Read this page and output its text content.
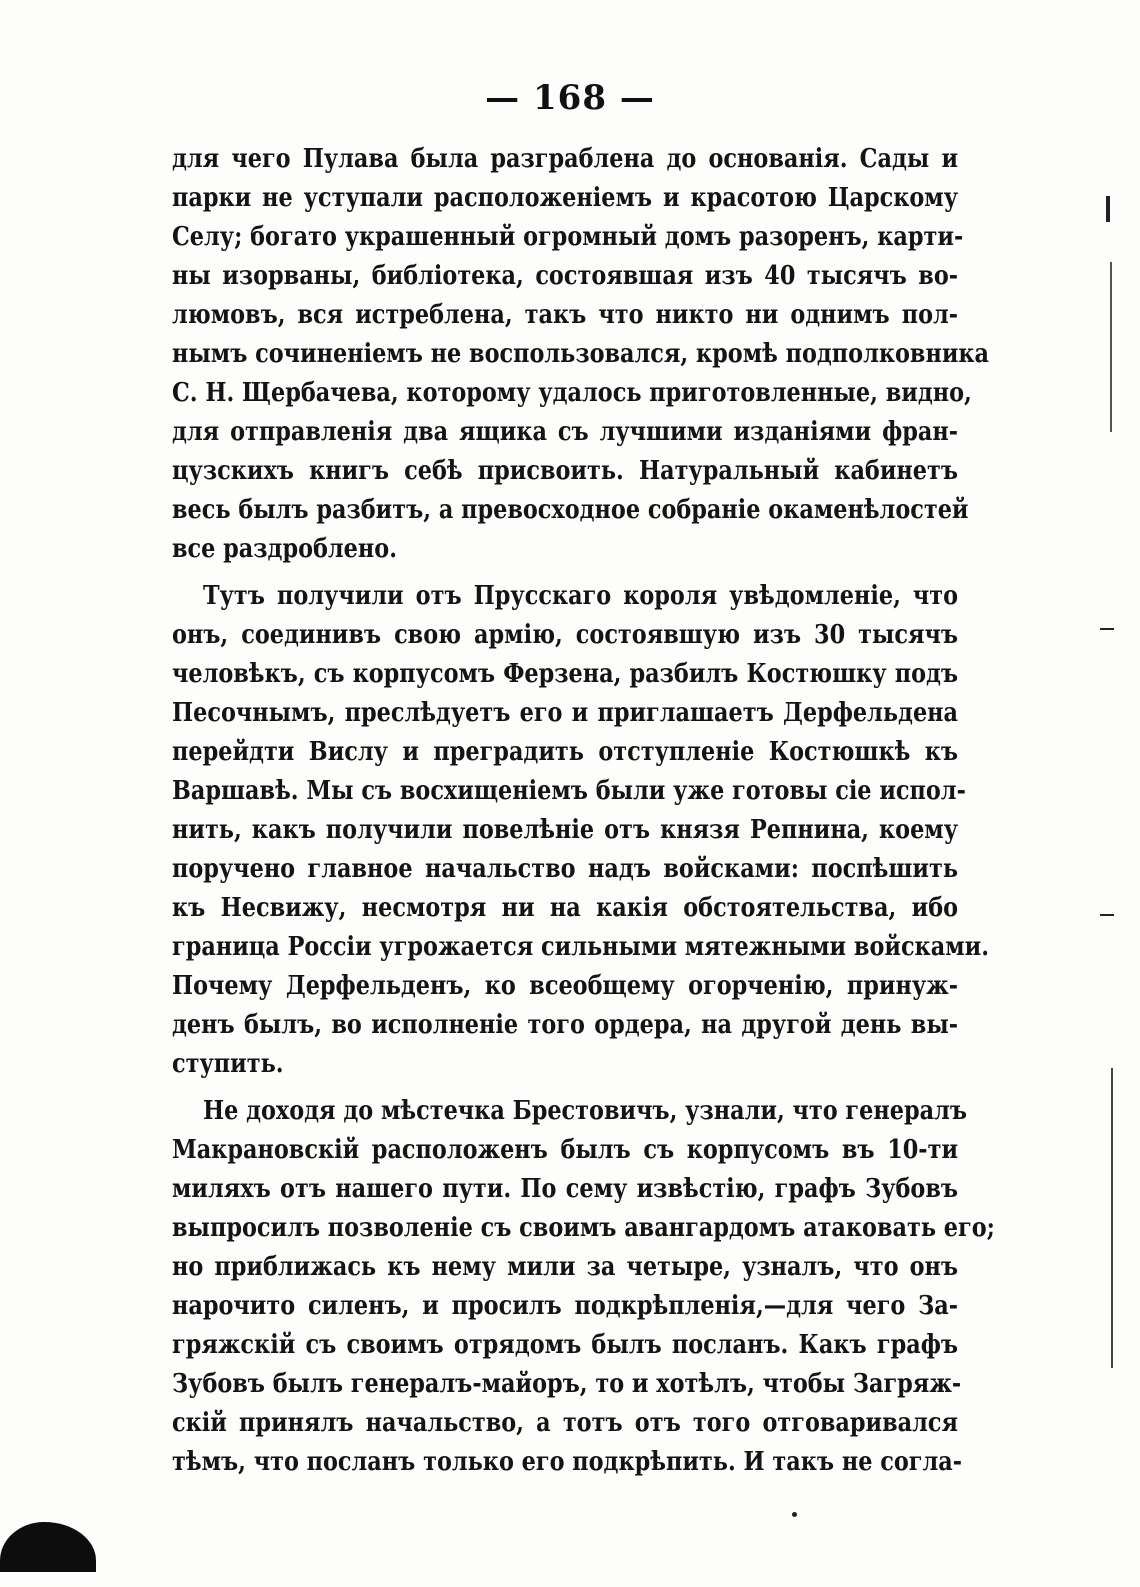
— 168 —
для чего Пулава была разграблена до основанія. Сады и
парки не уступали расположеніемъ и красотою Царскому
Селу; богато украшенный огромный домъ разоренъ, карти-
ны изорваны, библіотека, состоявшая изъ 40 тысячъ во-
люмовъ, вся истреблена, такъ что никто ни однимъ пол-
нымъ сочиненіемъ не воспользовался, кромѣ подполковника
С. Н. Щербачева, которому удалось приготовленные, видно,
для отправленія два ящика съ лучшими изданіями фран-
цузскихъ книгъ себѣ присвоить. Натуральный кабинетъ
весь былъ разбитъ, а превосходное собраніе окаменѣлостей
все раздроблено.
Тутъ получили отъ Прусскаго короля увѣдомленіе, что
онъ, соединивъ свою армію, состоявшую изъ 30 тысячъ
человѣкъ, съ корпусомъ Ферзена, разбилъ Костюшку подъ
Песочнымъ, преслѣдуетъ его и приглашаетъ Дерфельдена
перейдти Вислу и преградить отступленіе Костюшкѣ къ
Варшавѣ. Мы съ восхищеніемъ были уже готовы сіе испол-
нить, какъ получили повелѣніе отъ князя Репнина, коему
поручено главное начальство надъ войсками: поспѣшить
къ Несвижу, несмотря ни на какія обстоятельства, ибо
граница Россіи угрожается сильными мятежными войсками.
Почему Дерфельденъ, ко всеобщему огорченію, принуж-
денъ былъ, во исполненіе того ордера, на другой день вы-
ступить.
Не доходя до мѣстечка Брестовичъ, узнали, что генералъ
Макрановскій расположенъ былъ съ корпусомъ въ 10-ти
миляхъ отъ нашего пути. По сему извѣстію, графъ Зубовъ
выпросилъ позволеніе съ своимъ авангардомъ атаковать его;
но приближась къ нему мили за четыре, узналъ, что онъ
нарочито силенъ, и просилъ подкрѣпленія,—для чего За-
гряжскій съ своимъ отрядомъ былъ посланъ. Какъ графъ
Зубовъ былъ генералъ-майоръ, то и хотѣлъ, чтобы Загряж-
скій принялъ начальство, а тотъ отъ того отговаривался
тѣмъ, что посланъ только его подкрѣпить. И такъ не согла-
